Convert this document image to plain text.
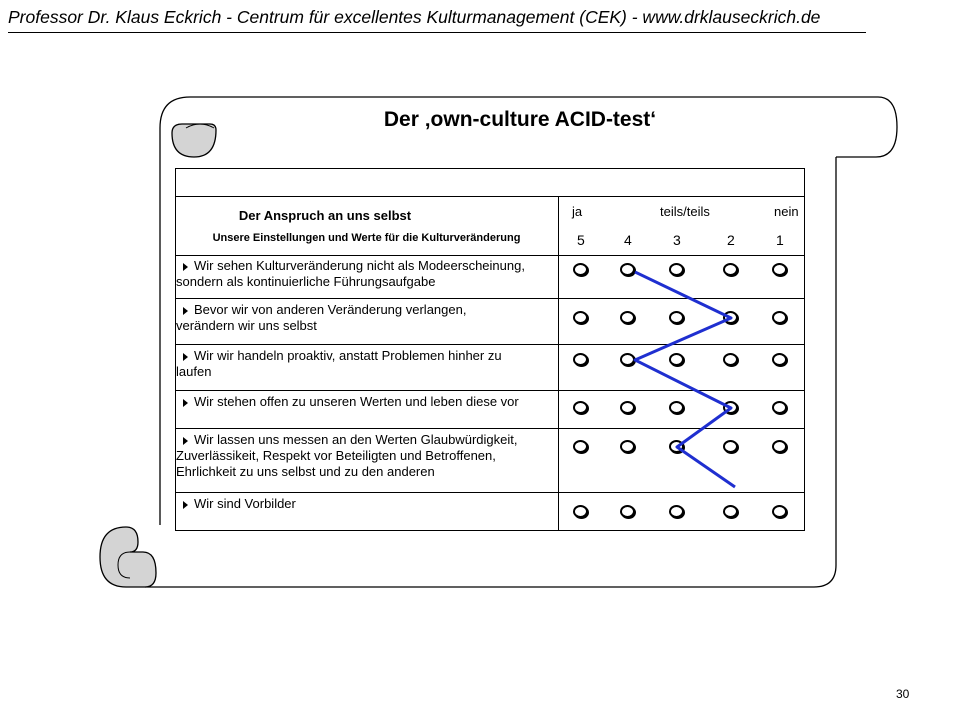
Professor Dr. Klaus Eckrich - Centrum für excellentes Kulturmanagement (CEK) - www.drklauseckrich.de
Der ‚own-culture ACID-test‘
Der Anspruch an uns selbst
Unsere Einstellungen und Werte für die Kulturveränderung
ja	teils/teils	nein
5	4	3	2	1
Wir sehen Kulturveränderung nicht als Modeerscheinung,
sondern als kontinuierliche Führungsaufgabe
Bevor wir von anderen Veränderung verlangen,
verändern wir uns selbst
Wir wir handeln proaktiv, anstatt Problemen hinher zu
laufen
Wir stehen offen zu unseren Werten und leben diese vor
Wir lassen uns messen an den Werten Glaubwürdigkeit,
Zuverlässikeit, Respekt vor Beteiligten und Betroffenen,
Ehrlichkeit zu uns selbst und zu den anderen
Wir sind Vorbilder
30
